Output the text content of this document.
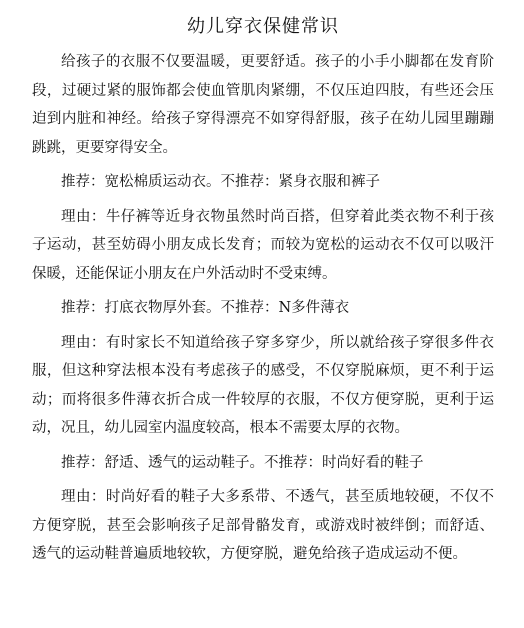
幼儿穿衣保健常识

给孩子的衣服不仅要温暖，更要舒适。孩子的小手小脚都在发育阶段，过硬过紧的服饰都会使血管肌肉紧绷，不仅压迫四肢，有些还会压迫到内脏和神经。给孩子穿得漂亮不如穿得舒服，孩子在幼儿园里蹦蹦跳跳，更要穿得安全。

推荐：宽松棉质运动衣。不推荐：紧身衣服和裤子

理由：牛仔裤等近身衣物虽然时尚百搭，但穿着此类衣物不利于孩子运动，甚至妨碍小朋友成长发育；而较为宽松的运动衣不仅可以吸汗保暖，还能保证小朋友在户外活动时不受束缚。

推荐：打底衣物厚外套。不推荐：N多件薄衣

理由：有时家长不知道给孩子穿多穿少，所以就给孩子穿很多件衣服，但这种穿法根本没有考虑孩子的感受，不仅穿脱麻烦，更不利于运动；而将很多件薄衣折合成一件较厚的衣服，不仅方便穿脱，更利于运动，况且，幼儿园室内温度较高，根本不需要太厚的衣物。

推荐：舒适、透气的运动鞋子。不推荐：时尚好看的鞋子

理由：时尚好看的鞋子大多系带、不透气，甚至质地较硬，不仅不方便穿脱，甚至会影响孩子足部骨骼发育，或游戏时被绊倒；而舒适、透气的运动鞋普遍质地较软，方便穿脱，避免给孩子造成运动不便。
